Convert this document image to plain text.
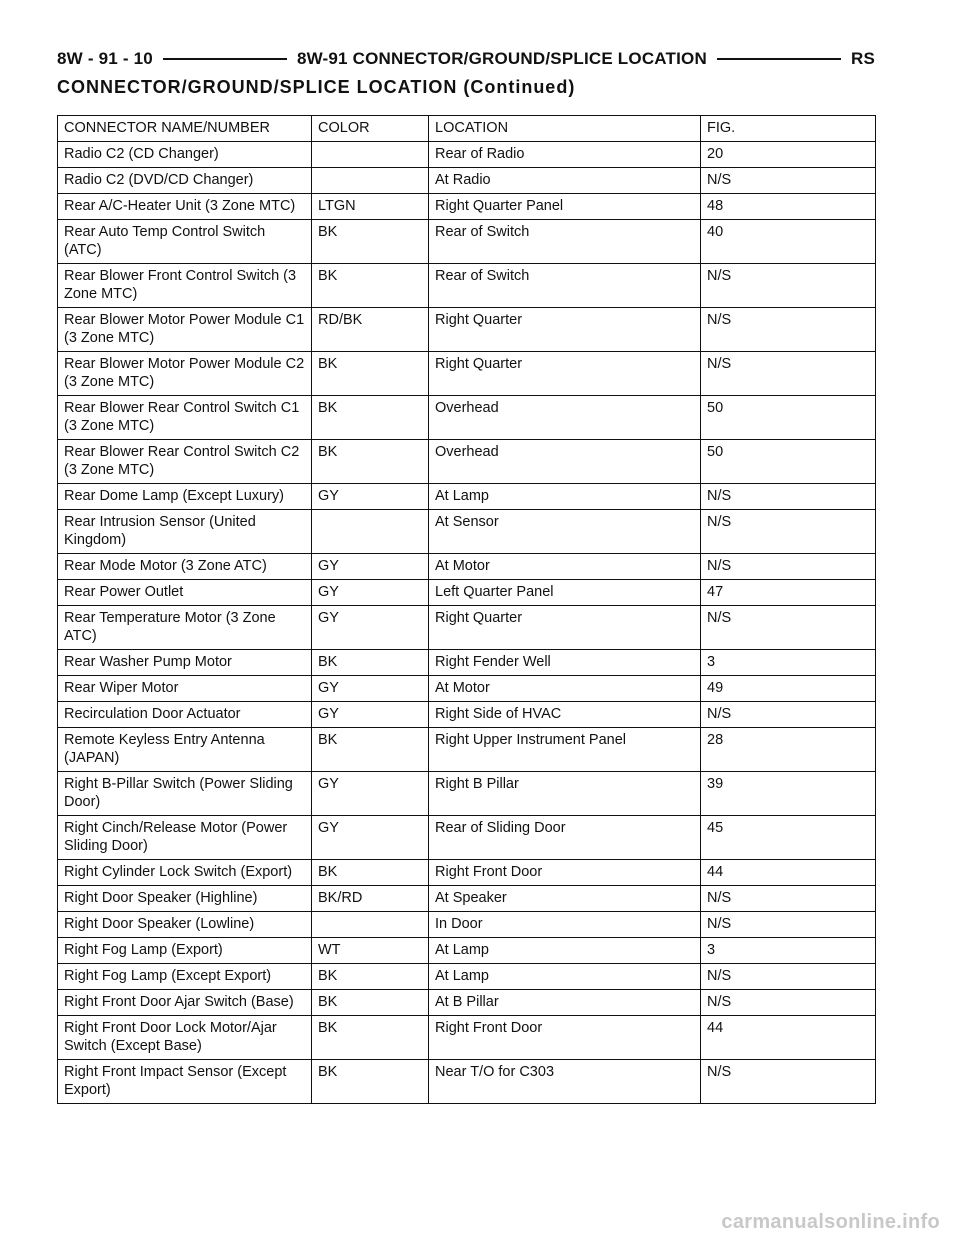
8W - 91 - 10	8W-91 CONNECTOR/GROUND/SPLICE LOCATION	RS
CONNECTOR/GROUND/SPLICE LOCATION (Continued)
CONNECTOR NAME/NUMBER	COLOR	LOCATION	FIG.
Radio C2 (CD Changer)		Rear of Radio	20
Radio C2 (DVD/CD Changer)		At Radio	N/S
Rear A/C-Heater Unit (3 Zone MTC)	LTGN	Right Quarter Panel	48
Rear Auto Temp Control Switch (ATC)	BK	Rear of Switch	40
Rear Blower Front Control Switch (3 Zone MTC)	BK	Rear of Switch	N/S
Rear Blower Motor Power Module C1 (3 Zone MTC)	RD/BK	Right Quarter	N/S
Rear Blower Motor Power Module C2 (3 Zone MTC)	BK	Right Quarter	N/S
Rear Blower Rear Control Switch C1 (3 Zone MTC)	BK	Overhead	50
Rear Blower Rear Control Switch C2 (3 Zone MTC)	BK	Overhead	50
Rear Dome Lamp (Except Luxury)	GY	At Lamp	N/S
Rear Intrusion Sensor (United Kingdom)		At Sensor	N/S
Rear Mode Motor (3 Zone ATC)	GY	At Motor	N/S
Rear Power Outlet	GY	Left Quarter Panel	47
Rear Temperature Motor (3 Zone ATC)	GY	Right Quarter	N/S
Rear Washer Pump Motor	BK	Right Fender Well	3
Rear Wiper Motor	GY	At Motor	49
Recirculation Door Actuator	GY	Right Side of HVAC	N/S
Remote Keyless Entry Antenna (JAPAN)	BK	Right Upper Instrument Panel	28
Right B-Pillar Switch (Power Sliding Door)	GY	Right B Pillar	39
Right Cinch/Release Motor (Power Sliding Door)	GY	Rear of Sliding Door	45
Right Cylinder Lock Switch (Export)	BK	Right Front Door	44
Right Door Speaker (Highline)	BK/RD	At Speaker	N/S
Right Door Speaker (Lowline)		In Door	N/S
Right Fog Lamp (Export)	WT	At Lamp	3
Right Fog Lamp (Except Export)	BK	At Lamp	N/S
Right Front Door Ajar Switch (Base)	BK	At B Pillar	N/S
Right Front Door Lock Motor/Ajar Switch (Except Base)	BK	Right Front Door	44
Right Front Impact Sensor (Except Export)	BK	Near T/O for C303	N/S
carmanualsonline.info
